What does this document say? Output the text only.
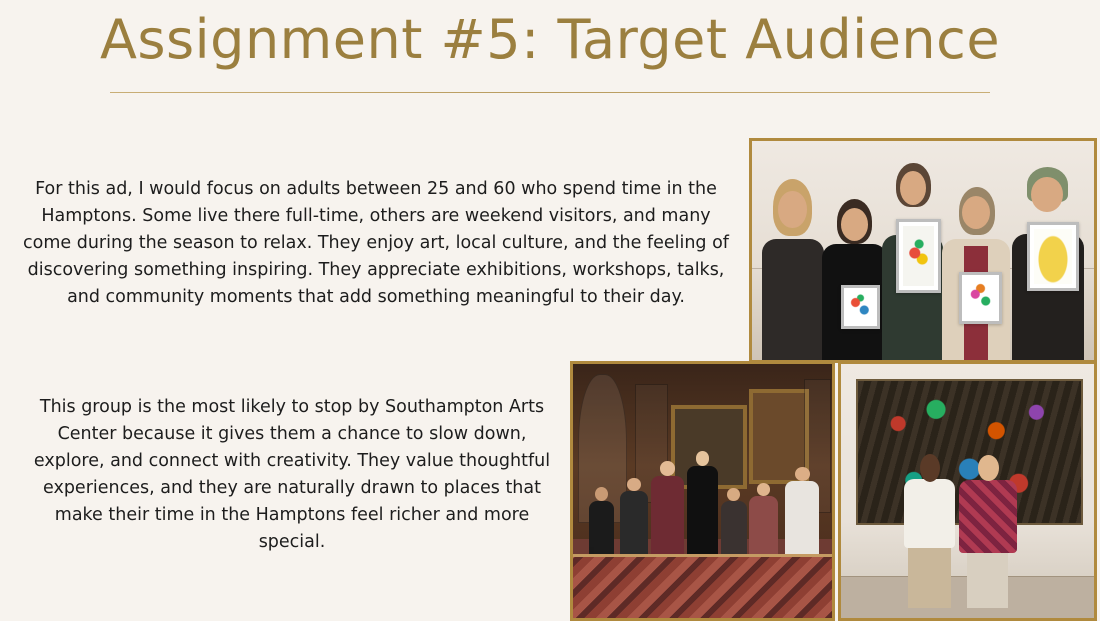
Assignment #5: Target Audience
For this ad, I would focus on adults between 25 and 60 who spend time in the Hamptons. Some live there full-time, others are weekend visitors, and many come during the season to relax. They enjoy art, local culture, and the feeling of discovering something inspiring. They appreciate exhibitions, workshops, talks, and community moments that add something meaningful to their day.
This group is the most likely to stop by Southampton Arts Center because it gives them a chance to slow down, explore, and connect with creativity. They value thoughtful experiences, and they are naturally drawn to places that make their time in the Hamptons feel richer and more special.
